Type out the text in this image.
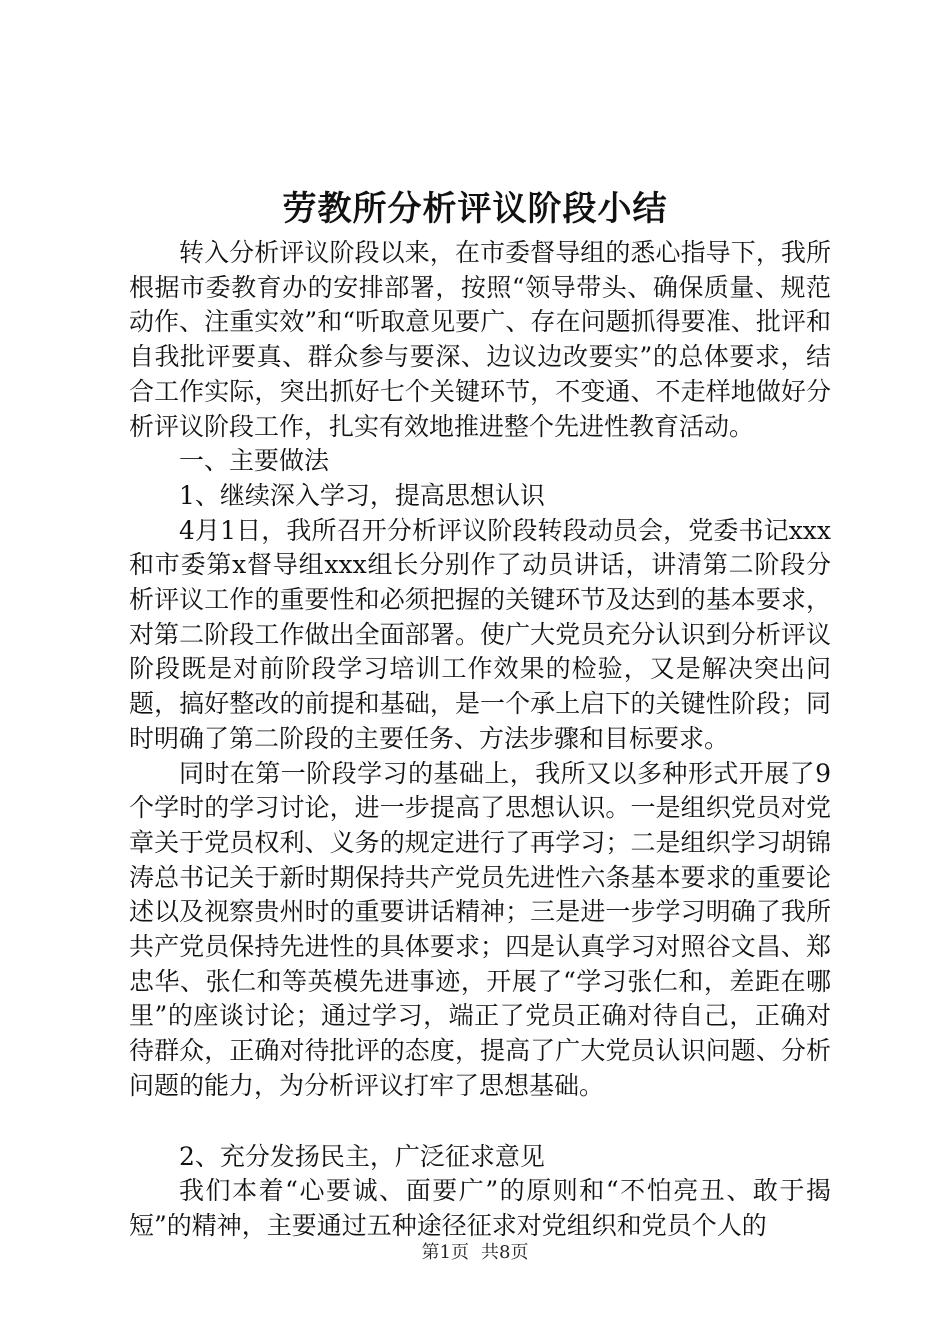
劳教所分析评议阶段小结

转入分析评议阶段以来，在市委督导组的悉心指导下，我所根据市委教育办的安排部署，按照“领导带头、确保质量、规范动作、注重实效”和“听取意见要广、存在问题抓得要准、批评和自我批评要真、群众参与要深、边议边改要实”的总体要求，结合工作实际，突出抓好七个关键环节，不变通、不走样地做好分析评议阶段工作，扎实有效地推进整个先进性教育活动。

一、主要做法

1、继续深入学习，提高思想认识

4月1日，我所召开分析评议阶段转段动员会，党委书记xxx和市委第x督导组xxx组长分别作了动员讲话，讲清第二阶段分析评议工作的重要性和必须把握的关键环节及达到的基本要求，对第二阶段工作做出全面部署。使广大党员充分认识到分析评议阶段既是对前阶段学习培训工作效果的检验，又是解决突出问题，搞好整改的前提和基础，是一个承上启下的关键性阶段；同时明确了第二阶段的主要任务、方法步骤和目标要求。

同时在第一阶段学习的基础上，我所又以多种形式开展了9个学时的学习讨论，进一步提高了思想认识。一是组织党员对党章关于党员权利、义务的规定进行了再学习；二是组织学习胡锦涛总书记关于新时期保持共产党员先进性六条基本要求的重要论述以及视察贵州时的重要讲话精神；三是进一步学习明确了我所共产党员保持先进性的具体要求；四是认真学习对照谷文昌、郑忠华、张仁和等英模先进事迹，开展了“学习张仁和，差距在哪里”的座谈讨论；通过学习，端正了党员正确对待自己，正确对待群众，正确对待批评的态度，提高了广大党员认识问题、分析问题的能力，为分析评议打牢了思想基础。

2、充分发扬民主，广泛征求意见

我们本着“心要诚、面要广”的原则和“不怕亮丑、敢于揭短”的精神，主要通过五种途径征求对党组织和党员个人的

第1页 共8页
